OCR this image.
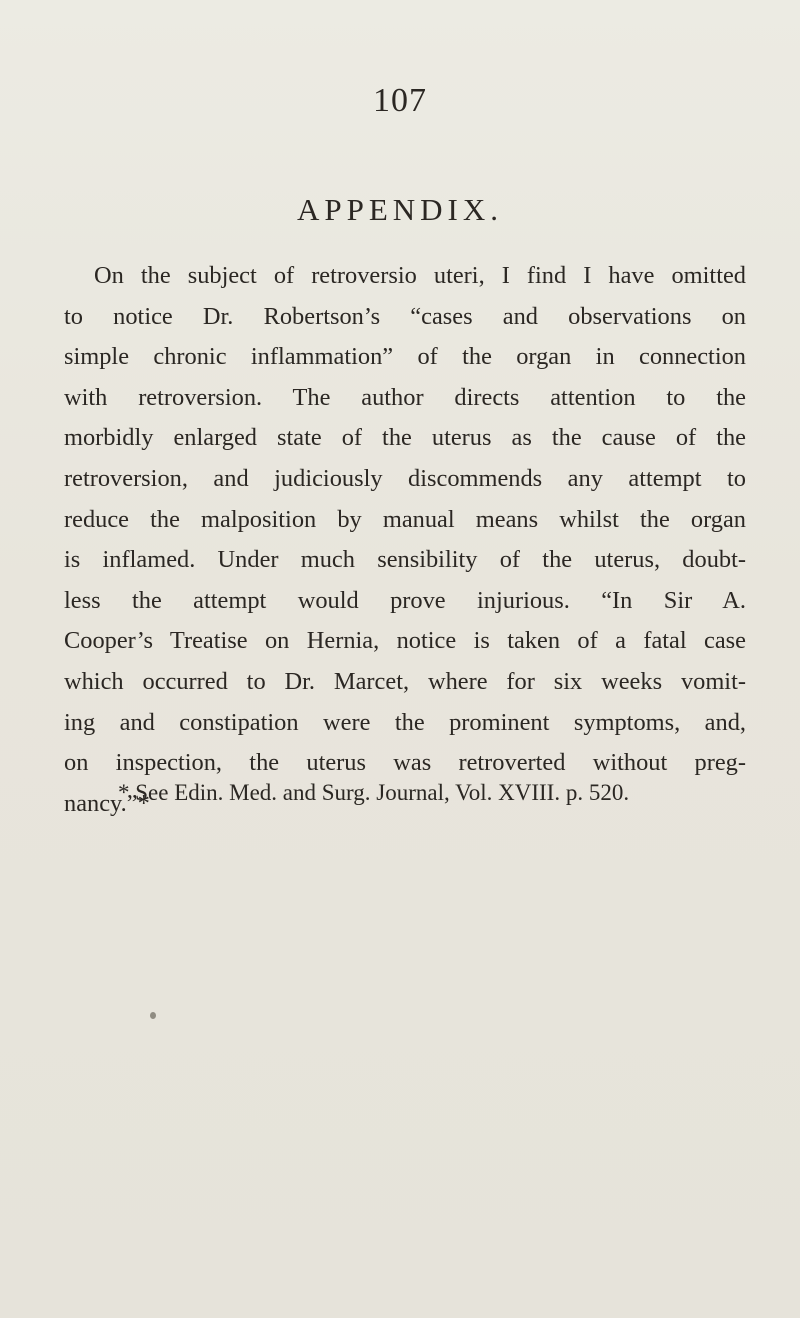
107
APPENDIX.
On the subject of retroversio uteri, I find I have omitted
to notice Dr. Robertson’s “cases and observations on
simple chronic inflammation” of the organ in connection
with retroversion. The author directs attention to the
morbidly enlarged state of the uterus as the cause of the
retroversion, and judiciously discommends any attempt to
reduce the malposition by manual means whilst the organ
is inflamed. Under much sensibility of the uterus, doubt-
less the attempt would prove injurious. “In Sir A.
Cooper’s Treatise on Hernia, notice is taken of a fatal case
which occurred to Dr. Marcet, where for six weeks vomit-
ing and constipation were the prominent symptoms, and,
on inspection, the uterus was retroverted without preg-
nancy.”*
* See Edin. Med. and Surg. Journal, Vol. XVIII. p. 520.
